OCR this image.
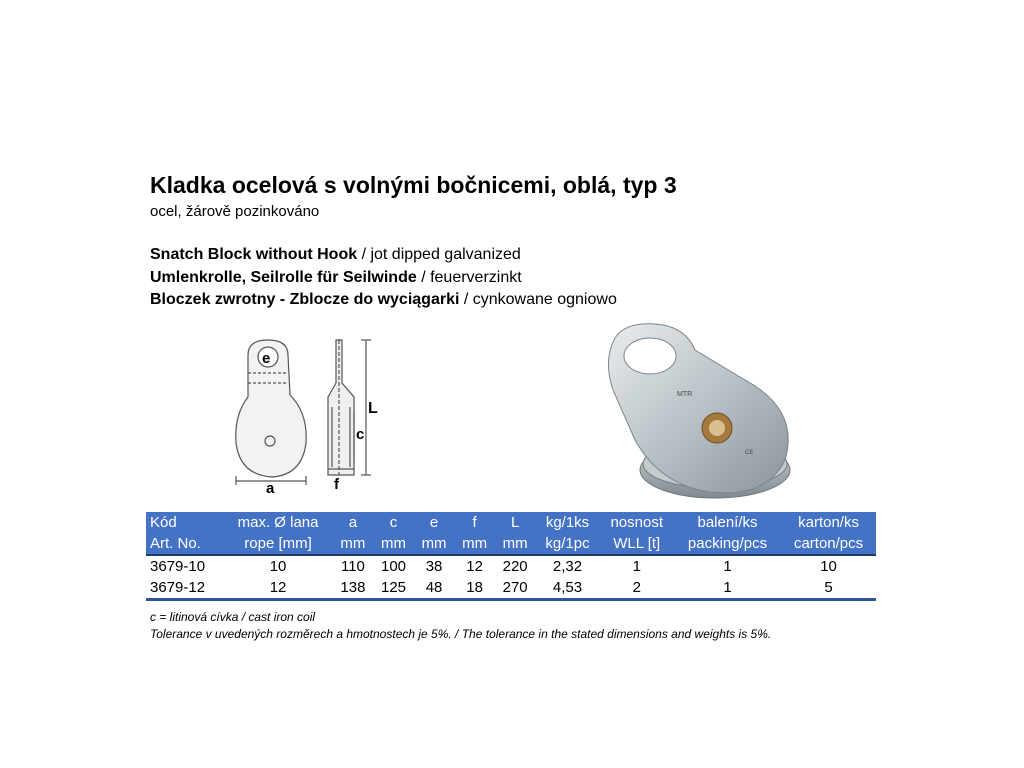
Kladka ocelová s volnými bočnicemi, oblá, typ 3
ocel, žárově pozinkováno
Snatch Block without Hook / jot dipped galvanized
Umlenkrolle, Seilrolle für Seilwinde / feuerverzinkt
Bloczek zwrotny - Zblocze do wyciągarki / cynkowane ogniowo
e
a	f
L
c
MTR
CE
Kód	max. Ø lana	a	c	e	f	L	kg/1ks	nosnost	balení/ks	karton/ks
Art. No.	rope [mm]	mm	mm	mm	mm	mm	kg/1pc	WLL [t]	packing/pcs	carton/pcs
3679-10	10	110	100	38	12	220	2,32	1	1	10
3679-12	12	138	125	48	18	270	4,53	2	1	5
c = litinová cívka / cast iron coil
Tolerance v uvedených rozměrech a hmotnostech je 5%. / The tolerance in the stated dimensions and weights is 5%.
